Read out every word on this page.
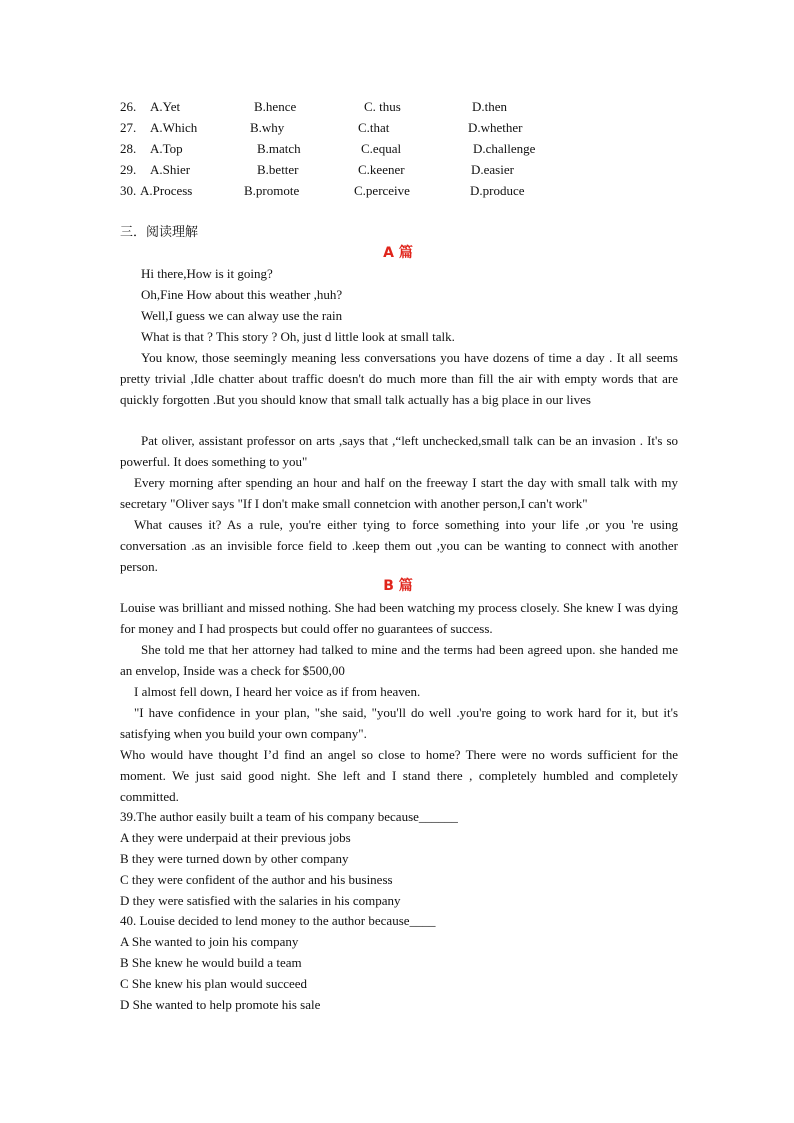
26. A.Yet	B.hence	C. thus	D.then
27. A.Which	B.why	C.that	D.whether
28. A.Top	B.match	C.equal	D.challenge
29. A.Shier	B.better	C.keener	D.easier
30. A.Process	B.promote	C.perceive	D.produce
三．阅读理解
A 篇
Hi there,How is it going?
Oh,Fine How about this weather ,huh?
Well,I guess we can alway use the rain
What is that ? This story ? Oh, just d little look at small talk.
You know, those seemingly meaning less conversations you have dozens of time a day . It all seems pretty trivial ,Idle chatter about traffic doesn't do much more than fill the air with empty words that are quickly forgotten .But you should know that small talk actually has a big place in our lives
Pat oliver, assistant professor on arts ,says that ,“left unchecked,small talk can be an invasion . It's so powerful. It does something to you"
Every morning after spending an hour and half on the freeway I start the day with small talk with my secretary "Oliver says "If I don't make small connetcion with another person,I can't work"
What causes it? As a rule, you're either tying to force something into your life ,or you 're using conversation .as an invisible force field to .keep them out ,you can be wanting to connect with another person.
B 篇
Louise was brilliant and missed nothing. She had been watching my process closely. She knew I was dying for money and I had prospects but could offer no guarantees of success.
She told me that her attorney had talked to mine and the terms had been agreed upon. she handed me an envelop, Inside was a check for $500,00
I almost fell down, I heard her voice as if from heaven.
"I have confidence in your plan, "she said, "you'll do well .you're going to work hard for it, but it's satisfying when you build your own company".
Who would have thought I’d find an angel so close to home? There were no words sufficient for the moment. We just said good night. She left and I stand there , completely humbled and completely committed.
39.The author easily built a team of his company because______
A they were underpaid at their previous jobs
B they were turned down by other company
C they were confident of the author and his business
D they were satisfied with the salaries in his company
40. Louise decided to lend money to the author because____
A She wanted to join his company
B She knew he would build a team
C She knew his plan would succeed
D She wanted to help promote his sale
